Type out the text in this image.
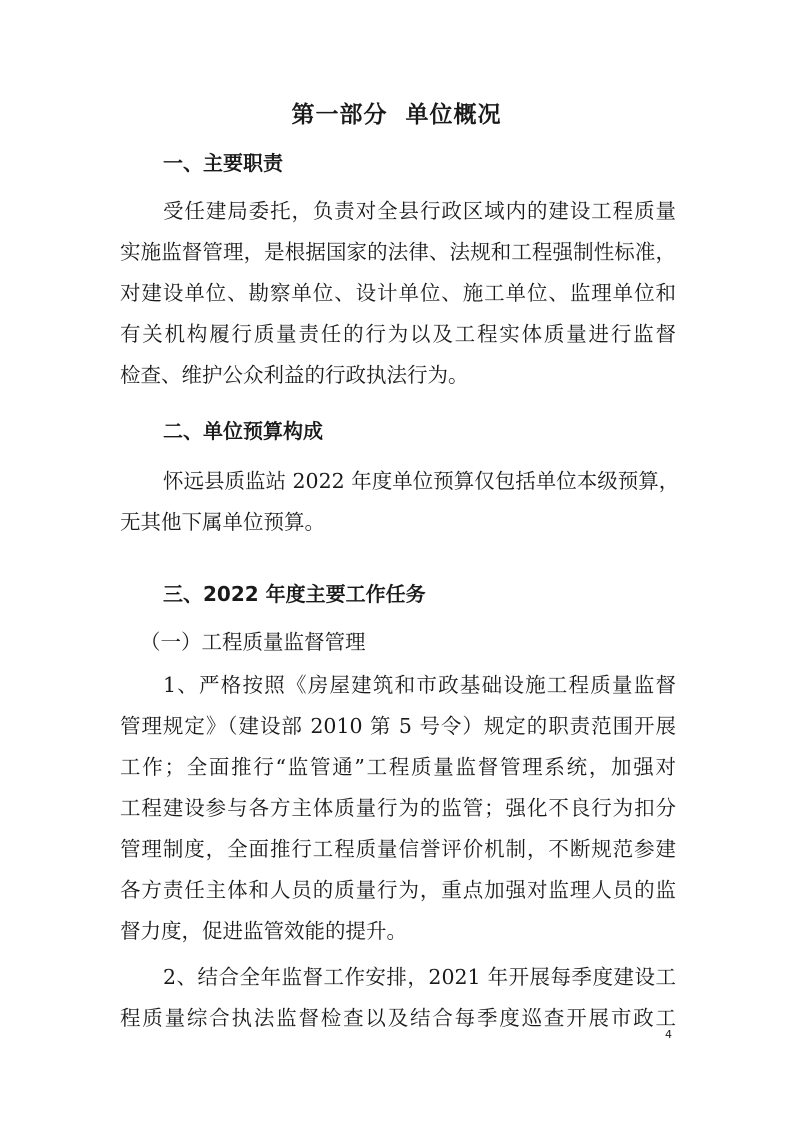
第一部分  单位概况
一、主要职责
受任建局委托，负责对全县行政区域内的建设工程质量
实施监督管理，是根据国家的法律、法规和工程强制性标准，
对建设单位、勘察单位、设计单位、施工单位、监理单位和
有关机构履行质量责任的行为以及工程实体质量进行监督
检查、维护公众利益的行政执法行为。
二、单位预算构成
怀远县质监站 2022 年度单位预算仅包括单位本级预算，
无其他下属单位预算。
三、2022 年度主要工作任务
（一）工程质量监督管理
1、严格按照《房屋建筑和市政基础设施工程质量监督
管理规定》（建设部 2010 第 5 号令）规定的职责范围开展
工作；全面推行“监管通”工程质量监督管理系统，加强对
工程建设参与各方主体质量行为的监管；强化不良行为扣分
管理制度，全面推行工程质量信誉评价机制，不断规范参建
各方责任主体和人员的质量行为，重点加强对监理人员的监
督力度，促进监管效能的提升。
2、结合全年监督工作安排，2021 年开展每季度建设工
程质量综合执法监督检查以及结合每季度巡查开展市政工
4
